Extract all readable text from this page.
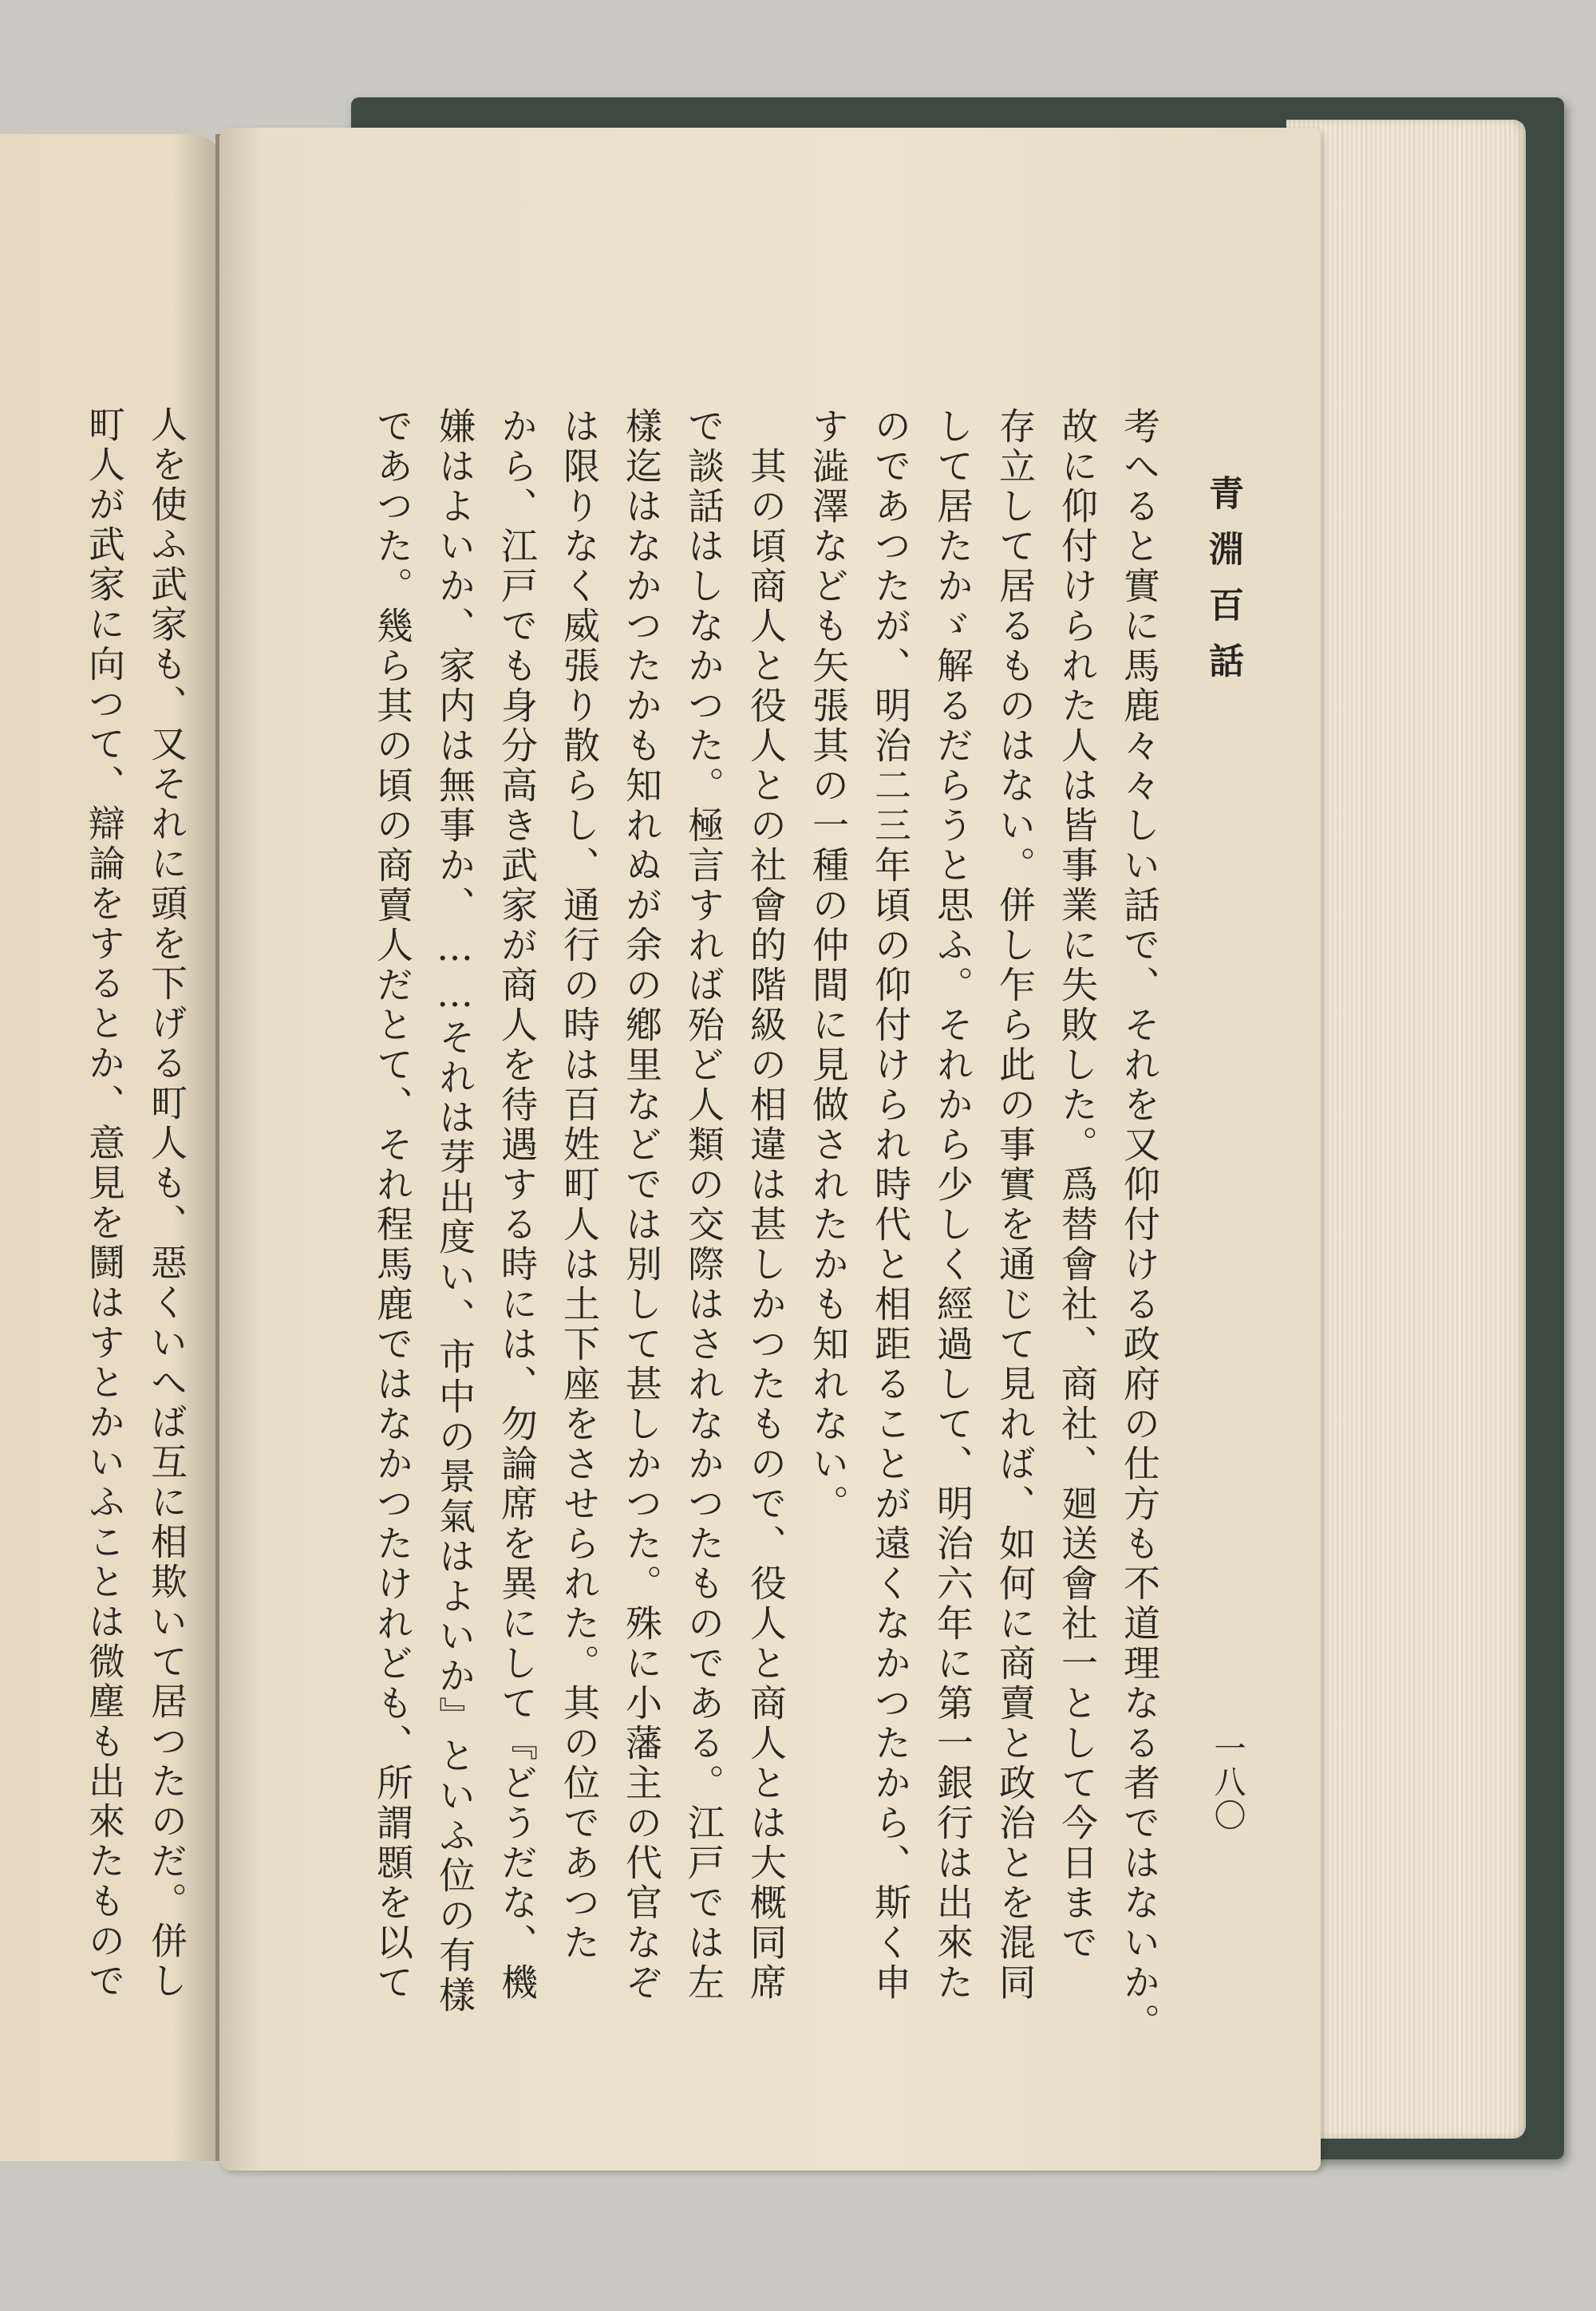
人を使ふ武家も、又それに頭を下げる町人も、惡くいへば互に相欺いて居つたのだ。併し
町人が武家に向つて、辯論をするとか、意見を鬪はすとかいふことは微塵も出來たもので	青淵百話
一八〇
考へると實に馬鹿々々しい話で、それを又仰付ける政府の仕方も不道理なる者ではないか。
故に仰付けられた人は皆事業に失敗した。爲替會社、商社、廻送會社一として今日まで
存立して居るものはない。併し乍ら此の事實を通じて見れば、如何に商賣と政治とを混同
して居たかゞ解るだらうと思ふ。それから少しく經過して、明治六年に第一銀行は出來た
のであつたが、明治二三年頃の仰付けられ時代と相距ることが遠くなかつたから、斯く申
す澁澤なども矢張其の一種の仲間に見做されたかも知れない。
其の頃商人と役人との社會的階級の相違は甚しかつたもので、役人と商人とは大概同席
で談話はしなかつた。極言すれば殆ど人類の交際はされなかつたものである。江戸では左
樣迄はなかつたかも知れぬが余の鄕里などでは別して甚しかつた。殊に小藩主の代官なぞ
は限りなく威張り散らし、通行の時は百姓町人は土下座をさせられた。其の位であつた
から、江戸でも身分高き武家が商人を待遇する時には、勿論席を異にして『どうだな、機
嫌はよいか、家内は無事か、……それは芽出度い、市中の景氣はよいか』といふ位の有樣
であつた。幾ら其の頃の商賣人だとて、それ程馬鹿ではなかつたけれども、所謂顋を以て
